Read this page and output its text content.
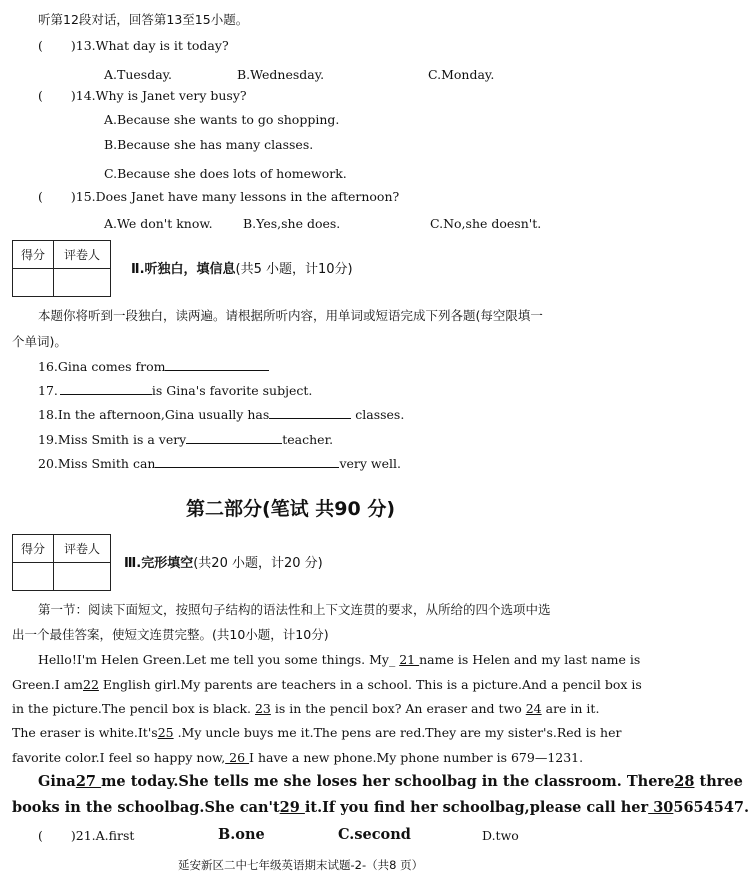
听第12段对话，回答第13至15小题。
( )13.What day is it today?
A.Tuesday.	B.Wednesday.	C.Monday.
( )14.Why is Janet very busy?
A.Because she wants to go shopping.
B.Because she has many classes.
C.Because she does lots of homework.
( )15.Does Janet have many lessons in the afternoon?
A.We don't know. B.Yes,she does.	C.No,she doesn't.
得分	评卷人

Ⅱ.听独白，填信息(共5 小题，计10分)
本题你将听到一段独白，读两遍。请根据所听内容，用单词或短语完成下列各题(每空限填一
个单词)。
16.Gina comes from
17.	is Gina's favorite subject.
18.In the afternoon,Gina usually has	classes.
19.Miss Smith is a very	teacher.
20.Miss Smith can	very well.
第二部分(笔试 共90 分)
得分	评卷人

Ⅲ.完形填空(共20 小题，计20 分)
第一节：阅读下面短文，按照句子结构的语法性和上下文连贯的要求，从所给的四个选项中选
出一个最佳答案，使短文连贯完整。(共10小题，计10分)
Hello!I'm Helen Green.Let me tell you some things. My_ 21 name is Helen and my last name is
Green.I am22 English girl.My parents are teachers in a school. This is a picture.And a pencil box is
in the picture.The pencil box is black. 23 is in the pencil box? An eraser and two 24 are in it.
The eraser is white.It's25 .My uncle buys me it.The pens are red.They are my sister's.Red is her
favorite color.I feel so happy now, 26 I have a new phone.My phone number is 679—1231.
Gina27 me today.She tells me she loses her schoolbag in the classroom. There28 three
books in the schoolbag.She can't29 it.If you find her schoolbag,please call her 305654547.
( )21.A.first	B.one	C.second	D.two
延安新区二中七年级英语期末试题-2-（共8 页）
